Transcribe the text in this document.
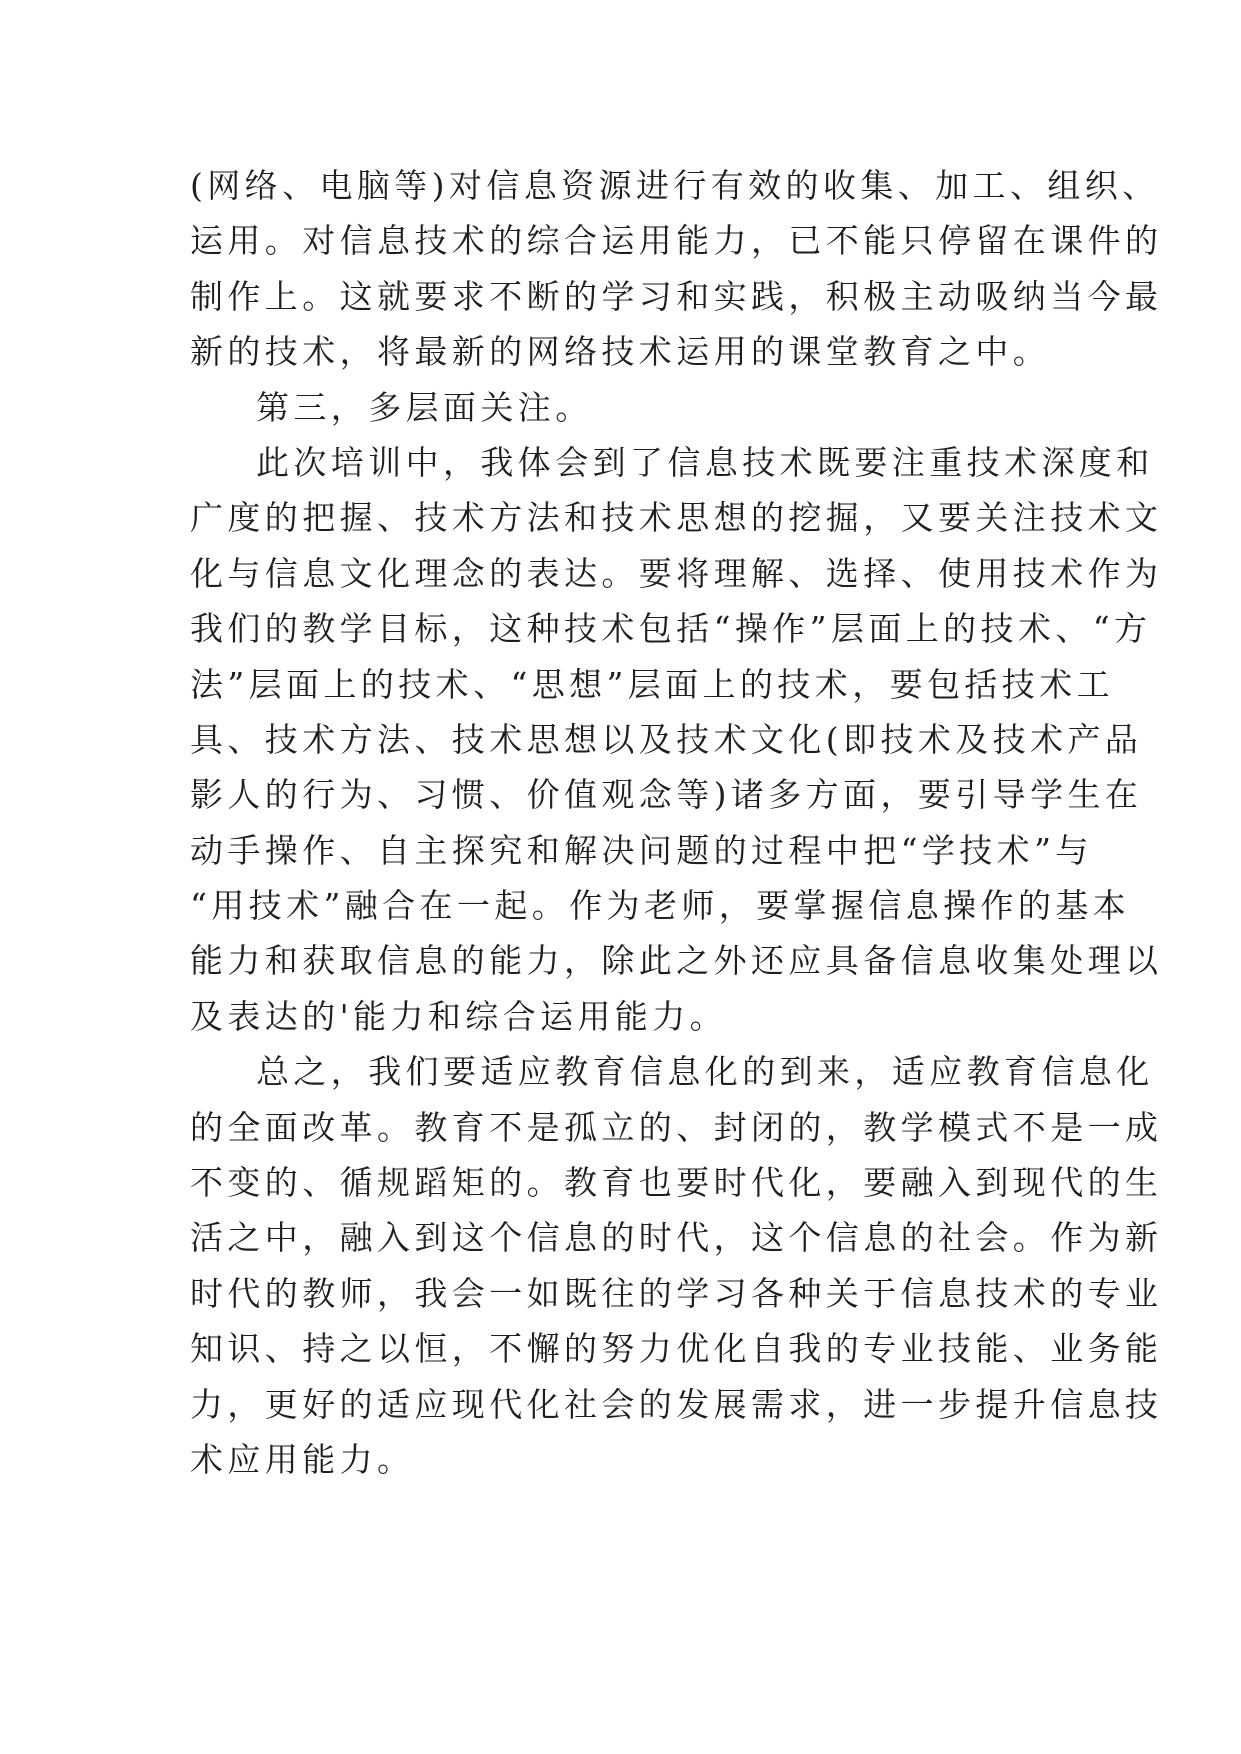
(网络、电脑等)对信息资源进行有效的收集、加工、组织、
运用。对信息技术的综合运用能力，已不能只停留在课件的
制作上。这就要求不断的学习和实践，积极主动吸纳当今最
新的技术，将最新的网络技术运用的课堂教育之中。
第三，多层面关注。
此次培训中，我体会到了信息技术既要注重技术深度和
广度的把握、技术方法和技术思想的挖掘，又要关注技术文
化与信息文化理念的表达。要将理解、选择、使用技术作为
我们的教学目标，这种技术包括“操作”层面上的技术、“方
法”层面上的技术、“思想”层面上的技术，要包括技术工
具、技术方法、技术思想以及技术文化(即技术及技术产品
影人的行为、习惯、价值观念等)诸多方面，要引导学生在
动手操作、自主探究和解决问题的过程中把“学技术”与
“用技术”融合在一起。作为老师，要掌握信息操作的基本
能力和获取信息的能力，除此之外还应具备信息收集处理以
及表达的'能力和综合运用能力。
总之，我们要适应教育信息化的到来，适应教育信息化
的全面改革。教育不是孤立的、封闭的，教学模式不是一成
不变的、循规蹈矩的。教育也要时代化，要融入到现代的生
活之中，融入到这个信息的时代，这个信息的社会。作为新
时代的教师，我会一如既往的学习各种关于信息技术的专业
知识、持之以恒，不懈的努力优化自我的专业技能、业务能
力，更好的适应现代化社会的发展需求，进一步提升信息技
术应用能力。
